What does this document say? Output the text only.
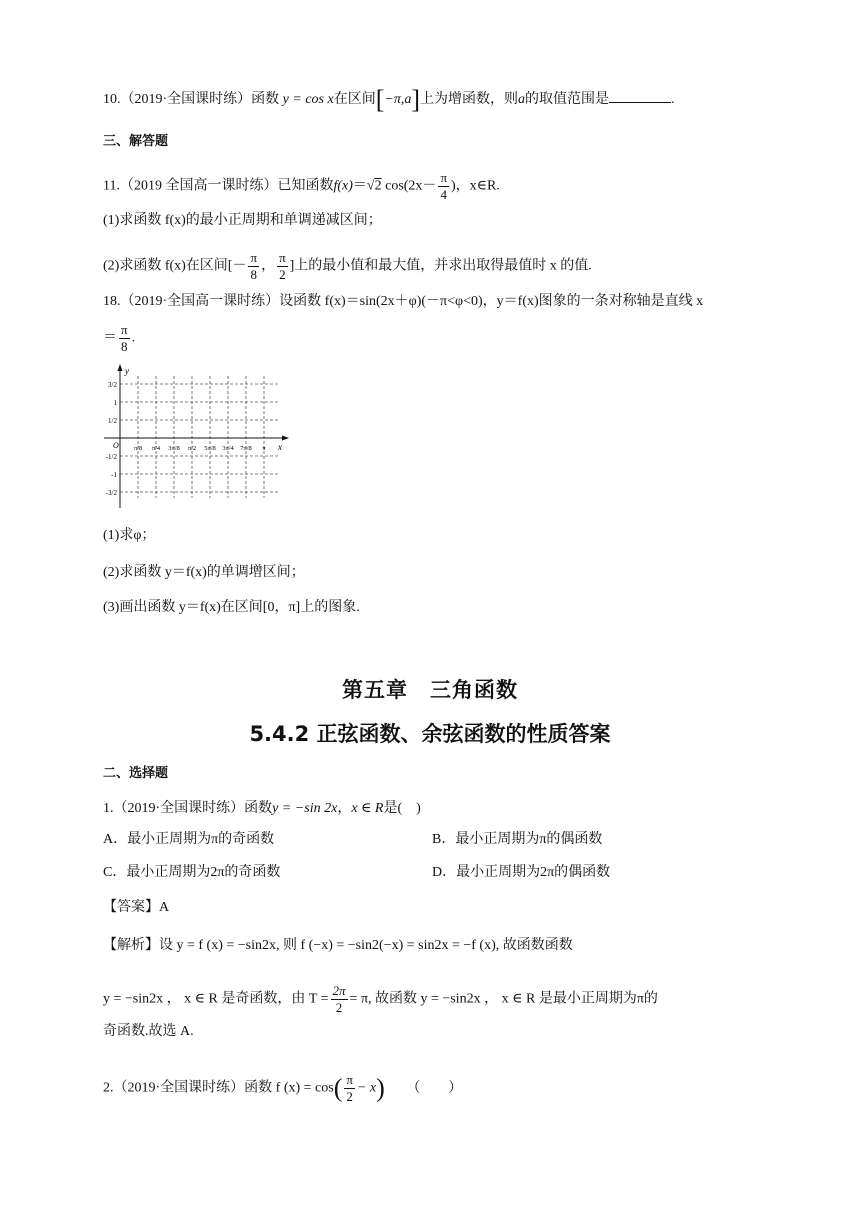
10.（2019·全国课时练）函数 y = cos x在区间[−π,a]上为增函数，则a的取值范围是	.
三、解答题
11.（2019 全国高一课时练）已知函数f(x)＝√2 $\cos(2x- \frac{\pi}{4}$ )，x∈R.
(1)求函数 f(x)的最小正周期和单调递减区间；
(2)求函数 f(x)在区间[－ $\frac{\pi}{8}$ ， $\frac{\pi}{2}$ ]上的最小值和最大值，并求出取得最值时 x 的值.
18.（2019·全国高一课时练）设函数 f(x)＝sin(2x＋φ)(－π<φ<0)，y＝f(x)图象的一条对称轴是直线 x
＝ $\frac{\pi}{8}$ .
y
x
O
3/2
1
1/2
-1/2
-1
-3/2
π/8 π/4 3π/8 π/2 5π/8 3π/4 7π/8 π
(1)求φ；
(2)求函数 y＝f(x)的单调增区间；
(3)画出函数 y＝f(x)在区间[0，π]上的图象.
第五章　三角函数
5.4.2 正弦函数、余弦函数的性质答案
二、选择题
1.（2019·全国课时练）函数y = −sin 2x，x ∈ R是(　)
A．最小正周期为π的奇函数	B．最小正周期为π的偶函数
C．最小正周期为2π的奇函数	D．最小正周期为2π的偶函数
【答案】A
【解析】设 y = f (x) = −sin2x, 则 f (−x) = −sin2(−x) = sin2x = −f (x), 故函数函数
y = −sin2x ， x ∈ R 是奇函数，由 $T = \frac{2\pi}{2} = \pi$, 故函数 y = −sin2x ， x ∈ R 是最小正周期为π的
奇函数.故选 A.
2.（2019·全国课时练）函数 f $(x) = \cos( \frac{\pi}{2} - x)$ （　　）
